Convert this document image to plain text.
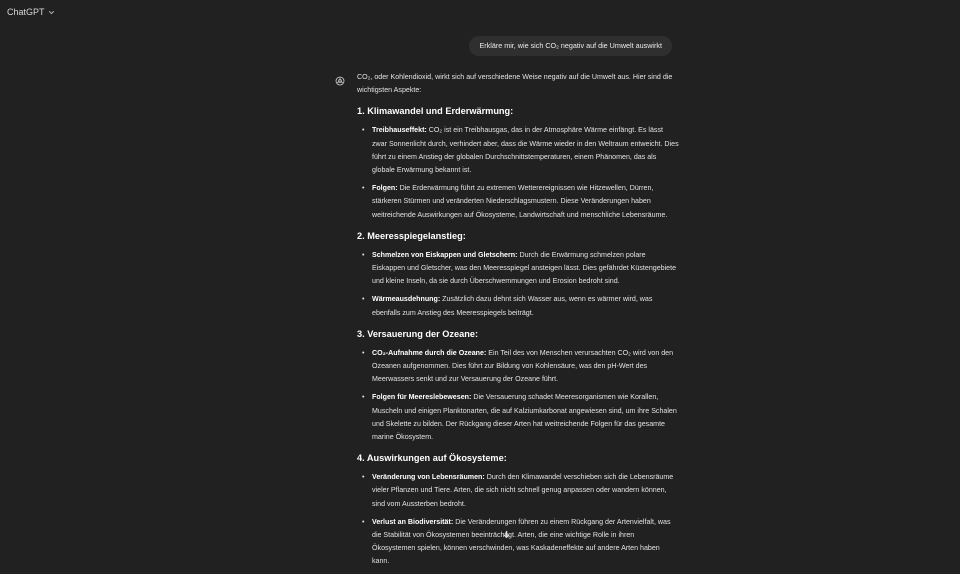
ChatGPT
Erkläre mir, wie sich CO₂ negativ auf die Umwelt auswirkt

CO₂, oder Kohlendioxid, wirkt sich auf verschiedene Weise negativ auf die Umwelt aus. Hier sind die wichtigsten Aspekte:

1. Klimawandel und Erderwärmung:
• Treibhauseffekt: CO₂ ist ein Treibhausgas, das in der Atmosphäre Wärme einfängt. Es lässt zwar Sonnenlicht durch, verhindert aber, dass die Wärme wieder in den Weltraum entweicht. Dies führt zu einem Anstieg der globalen Durchschnittstemperaturen, einem Phänomen, das als globale Erwärmung bekannt ist.
• Folgen: Die Erderwärmung führt zu extremen Wetterereignissen wie Hitzewellen, Dürren, stärkeren Stürmen und veränderten Niederschlagsmustern. Diese Veränderungen haben weitreichende Auswirkungen auf Ökosysteme, Landwirtschaft und menschliche Lebensräume.
2. Meeresspiegelanstieg:
• Schmelzen von Eiskappen und Gletschern: Durch die Erwärmung schmelzen polare Eiskappen und Gletscher, was den Meeresspiegel ansteigen lässt. Dies gefährdet Küstengebiete und kleine Inseln, da sie durch Überschwemmungen und Erosion bedroht sind.
• Wärmeausdehnung: Zusätzlich dazu dehnt sich Wasser aus, wenn es wärmer wird, was ebenfalls zum Anstieg des Meeresspiegels beiträgt.
3. Versauerung der Ozeane:
• CO₂-Aufnahme durch die Ozeane: Ein Teil des von Menschen verursachten CO₂ wird von den Ozeanen aufgenommen. Dies führt zur Bildung von Kohlensäure, was den pH-Wert des Meerwassers senkt und zur Versauerung der Ozeane führt.
• Folgen für Meereslebewesen: Die Versauerung schadet Meeresorganismen wie Korallen, Muscheln und einigen Planktonarten, die auf Kalziumkarbonat angewiesen sind, um ihre Schalen und Skelette zu bilden. Der Rückgang dieser Arten hat weitreichende Folgen für das gesamte marine Ökosystem.
4. Auswirkungen auf Ökosysteme:
• Veränderung von Lebensräumen: Durch den Klimawandel verschieben sich die Lebensräume vieler Pflanzen und Tiere. Arten, die sich nicht schnell genug anpassen oder wandern können, sind vom Aussterben bedroht.
• Verlust an Biodiversität: Die Veränderungen führen zu einem Rückgang der Artenvielfalt, was die Stabilität von Ökosystemen beeinträchtigt. Arten, die eine wichtige Rolle in ihren Ökosystemen spielen, können verschwinden, was Kaskadeneffekte auf andere Arten haben kann.
